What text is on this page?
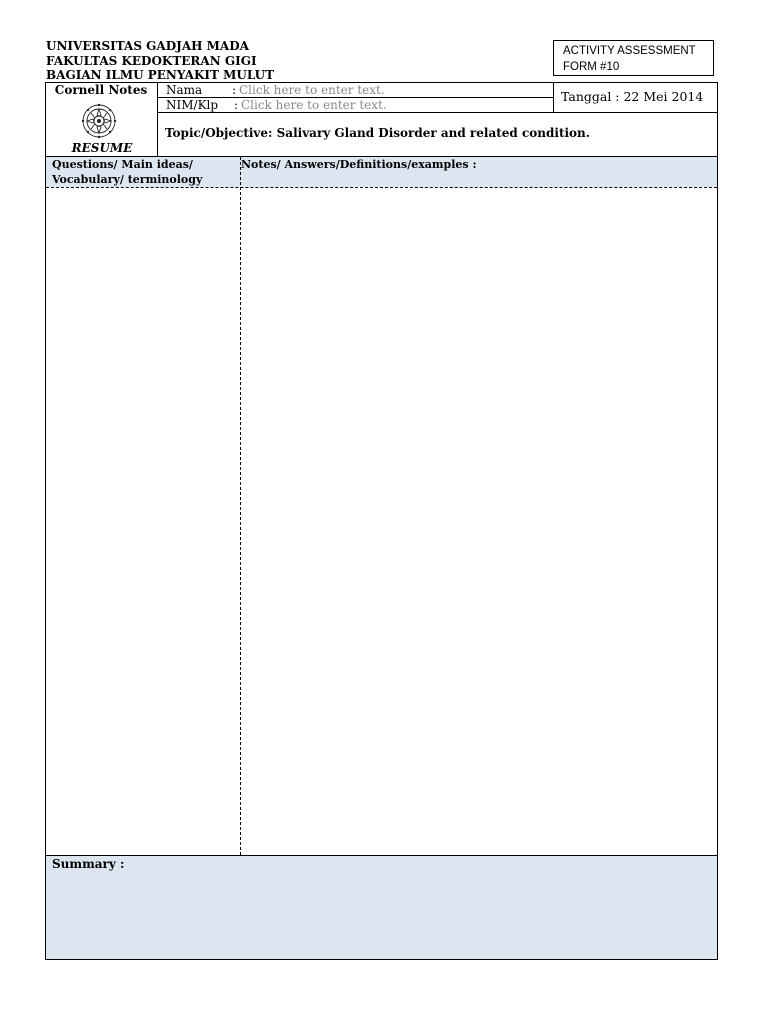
UNIVERSITAS GADJAH MADA
FAKULTAS KEDOKTERAN GIGI
BAGIAN ILMU PENYAKIT MULUT
ACTIVITY ASSESSMENT
FORM #10
Cornell Notes
RESUME
Nama : Click here to enter text.
NIM/Klp : Click here to enter text.
Tanggal : 22 Mei 2014
Topic/Objective: Salivary Gland Disorder and related condition.
Questions/ Main ideas/
Vocabulary/ terminology
Notes/ Answers/Definitions/examples :
Summary :
